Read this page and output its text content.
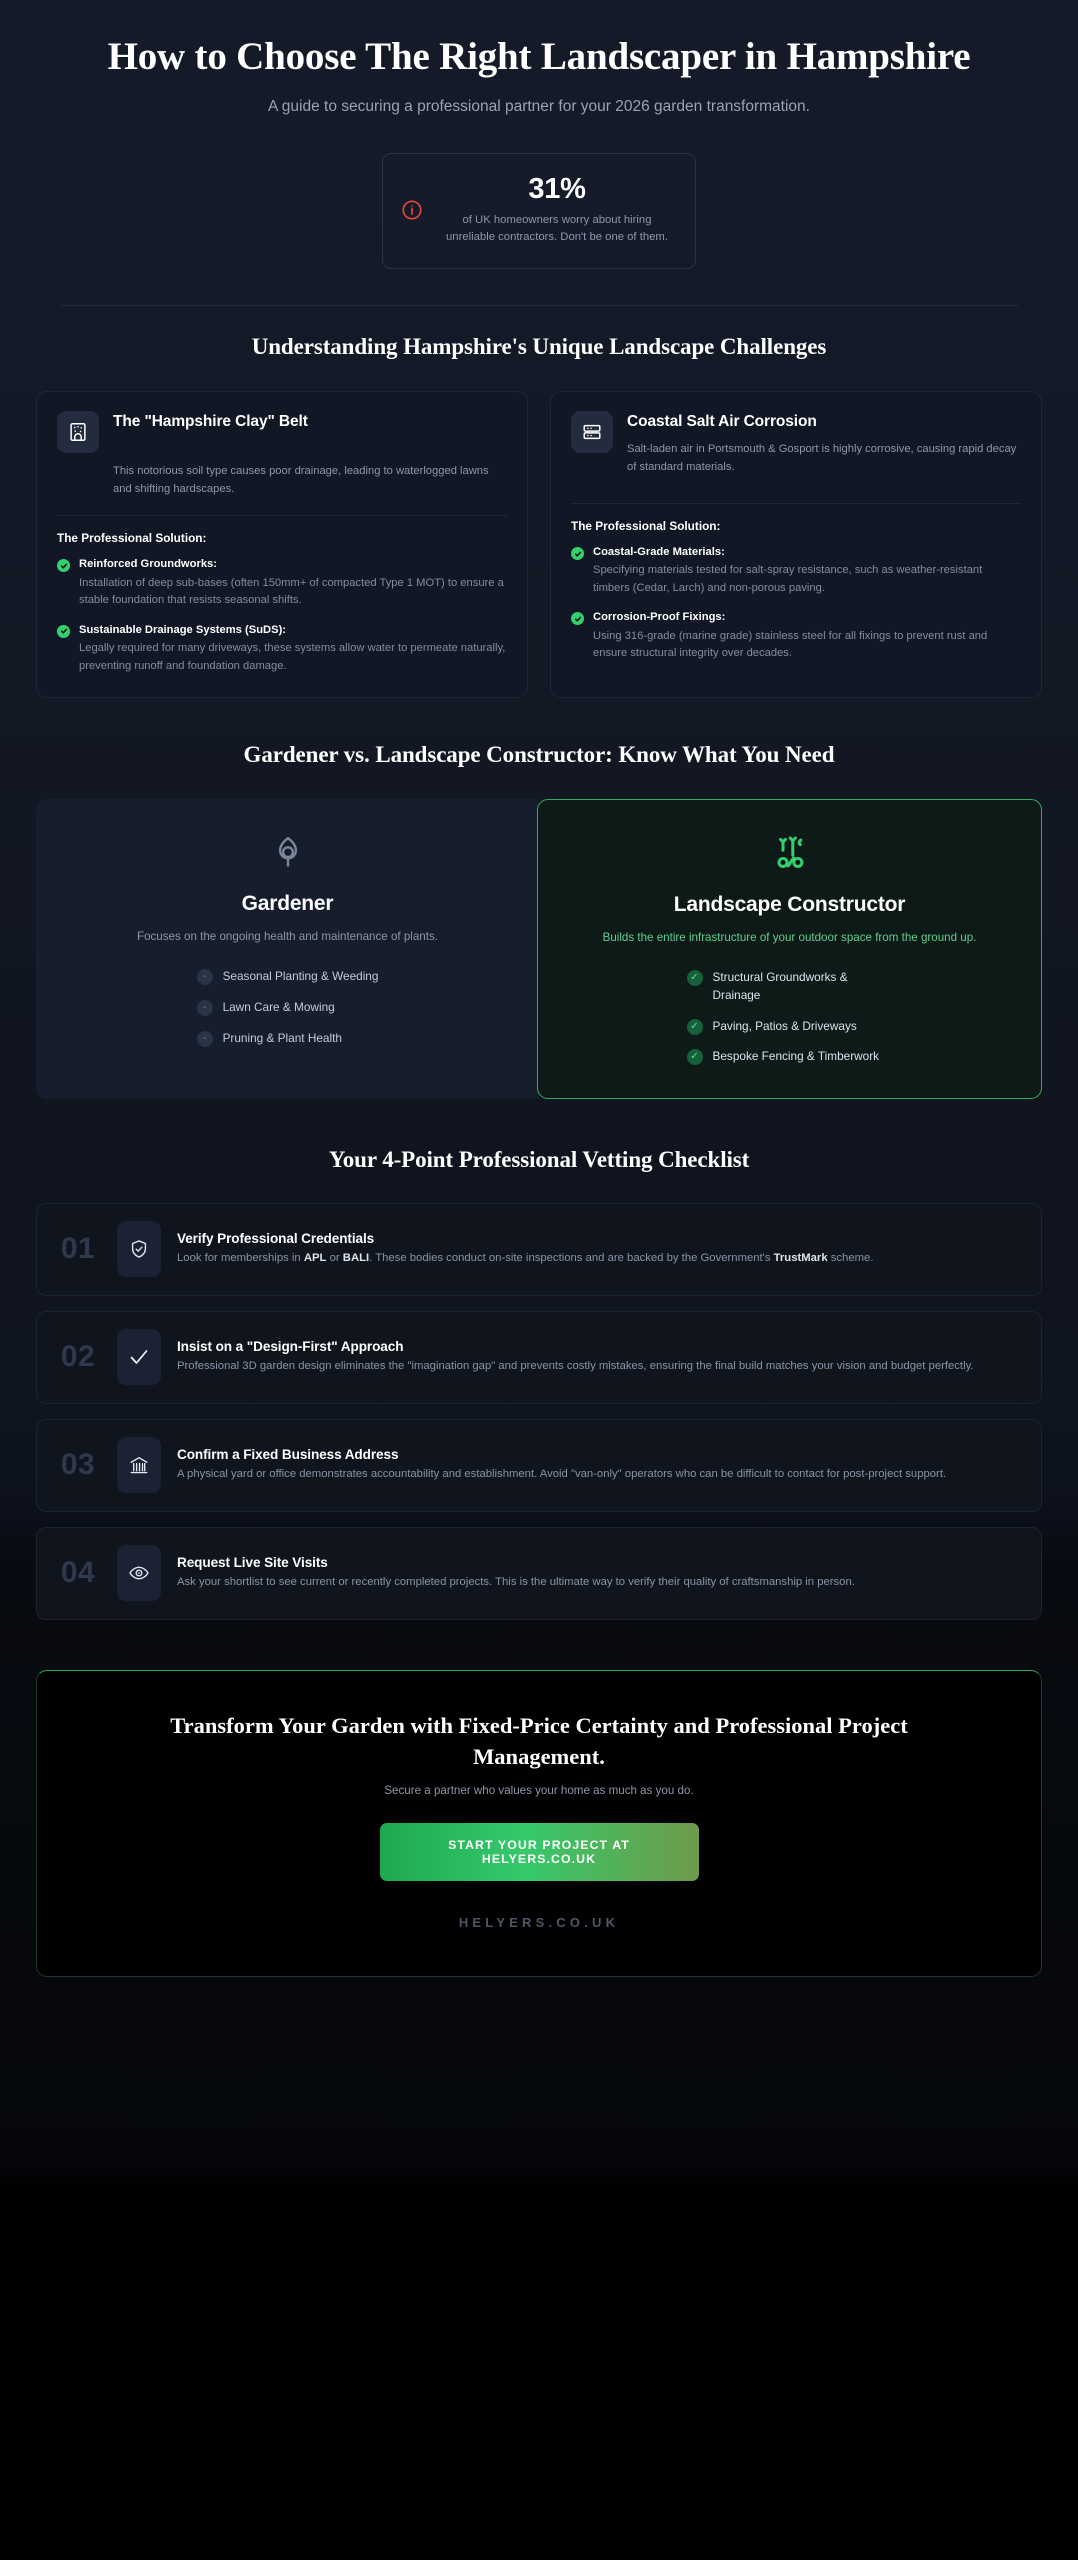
How to Choose The Right Landscaper in Hampshire

A guide to securing a professional partner for your 2026 garden transformation.

31%
of UK homeowners worry about hiring unreliable contractors. Don't be one of them.
Understanding Hampshire's Unique Landscape Challenges
The "Hampshire Clay" Belt
This notorious soil type causes poor drainage, leading to waterlogged lawns and shifting hardscapes.
The Professional Solution:
Reinforced Groundworks:
Installation of deep sub-bases (often 150mm+ of compacted Type 1 MOT) to ensure a stable foundation that resists seasonal shifts.
Sustainable Drainage Systems (SuDS):
Legally required for many driveways, these systems allow water to permeate naturally, preventing runoff and foundation damage.
Coastal Salt Air Corrosion
Salt-laden air in Portsmouth & Gosport is highly corrosive, causing rapid decay of standard materials.
The Professional Solution:
Coastal-Grade Materials:
Specifying materials tested for salt-spray resistance, such as weather-resistant timbers (Cedar, Larch) and non-porous paving.
Corrosion-Proof Fixings:
Using 316-grade (marine grade) stainless steel for all fixings to prevent rust and ensure structural integrity over decades.
Gardener vs. Landscape Constructor: Know What You Need
Gardener
Focuses on the ongoing health and maintenance of plants.
-	Seasonal Planting & Weeding
-	Lawn Care & Mowing
-	Pruning & Plant Health
Landscape Constructor
Builds the entire infrastructure of your outdoor space from the ground up.
✓	Structural Groundworks & Drainage
✓	Paving, Patios & Driveways
✓	Bespoke Fencing & Timberwork
Your 4-Point Professional Vetting Checklist
01	Verify Professional Credentials
Look for memberships in APL or BALI. These bodies conduct on-site inspections and are backed by the Government's TrustMark scheme.
02	Insist on a "Design-First" Approach
Professional 3D garden design eliminates the "imagination gap" and prevents costly mistakes, ensuring the final build matches your vision and budget perfectly.
03	Confirm a Fixed Business Address
A physical yard or office demonstrates accountability and establishment. Avoid "van-only" operators who can be difficult to contact for post-project support.
04	Request Live Site Visits
Ask your shortlist to see current or recently completed projects. This is the ultimate way to verify their quality of craftsmanship in person.
Transform Your Garden with Fixed-Price Certainty and Professional Project Management.

Secure a partner who values your home as much as you do.

START YOUR PROJECT AT HELYERS.CO.UK
HELYERS.CO.UK
